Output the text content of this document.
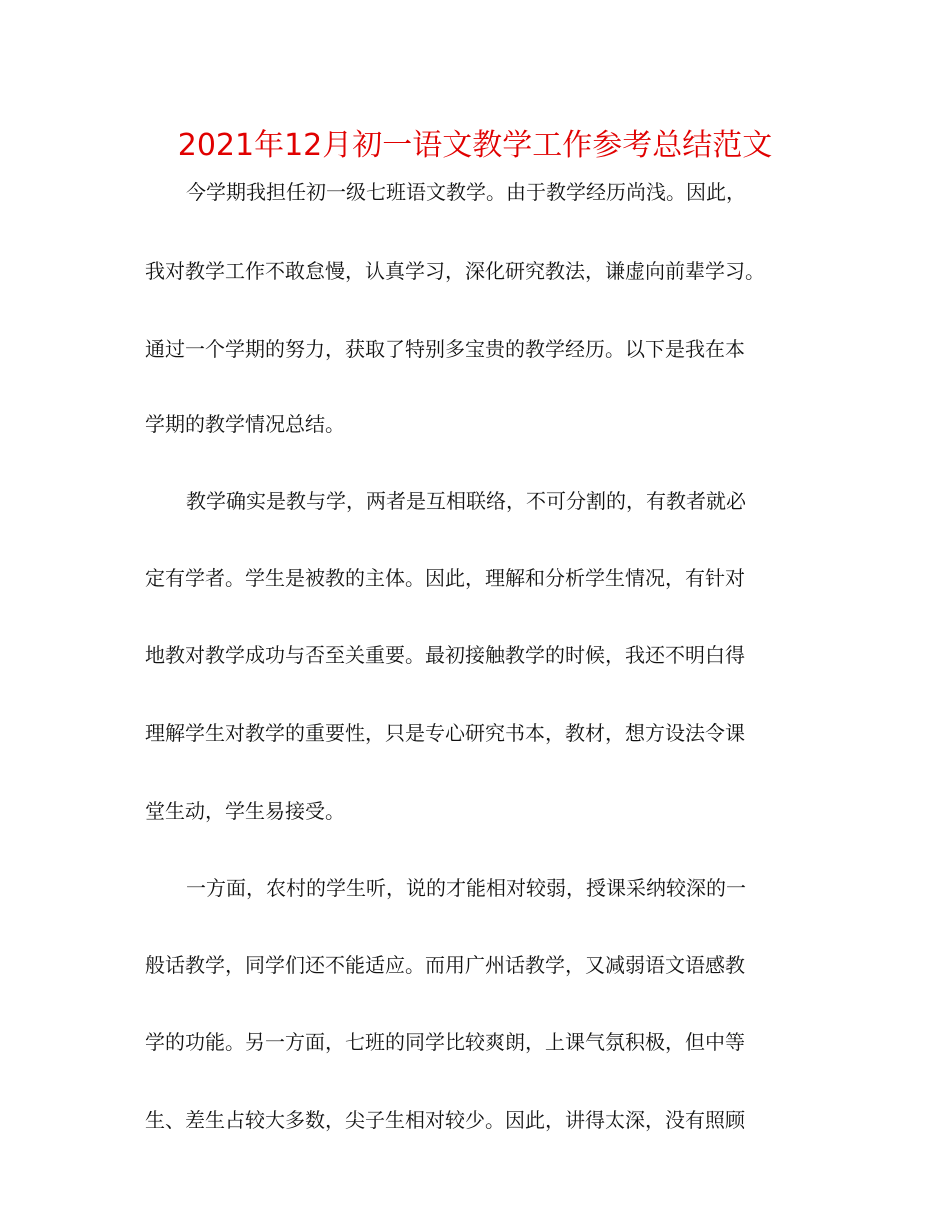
2021年12月初一语文教学工作参考总结范文

今学期我担任初一级七班语文教学。由于教学经历尚浅。因此，

我对教学工作不敢怠慢，认真学习，深化研究教法，谦虚向前辈学习。

通过一个学期的努力，获取了特别多宝贵的教学经历。以下是我在本

学期的教学情况总结。

教学确实是教与学，两者是互相联络，不可分割的，有教者就必

定有学者。学生是被教的主体。因此，理解和分析学生情况，有针对

地教对教学成功与否至关重要。最初接触教学的时候，我还不明白得

理解学生对教学的重要性，只是专心研究书本，教材，想方设法令课

堂生动，学生易接受。

一方面，农村的学生听，说的才能相对较弱，授课采纳较深的一

般话教学，同学们还不能适应。而用广州话教学，又减弱语文语感教

学的功能。另一方面，七班的同学比较爽朗，上课气氛积极，但中等

生、差生占较大多数，尖子生相对较少。因此，讲得太深，没有照顾
